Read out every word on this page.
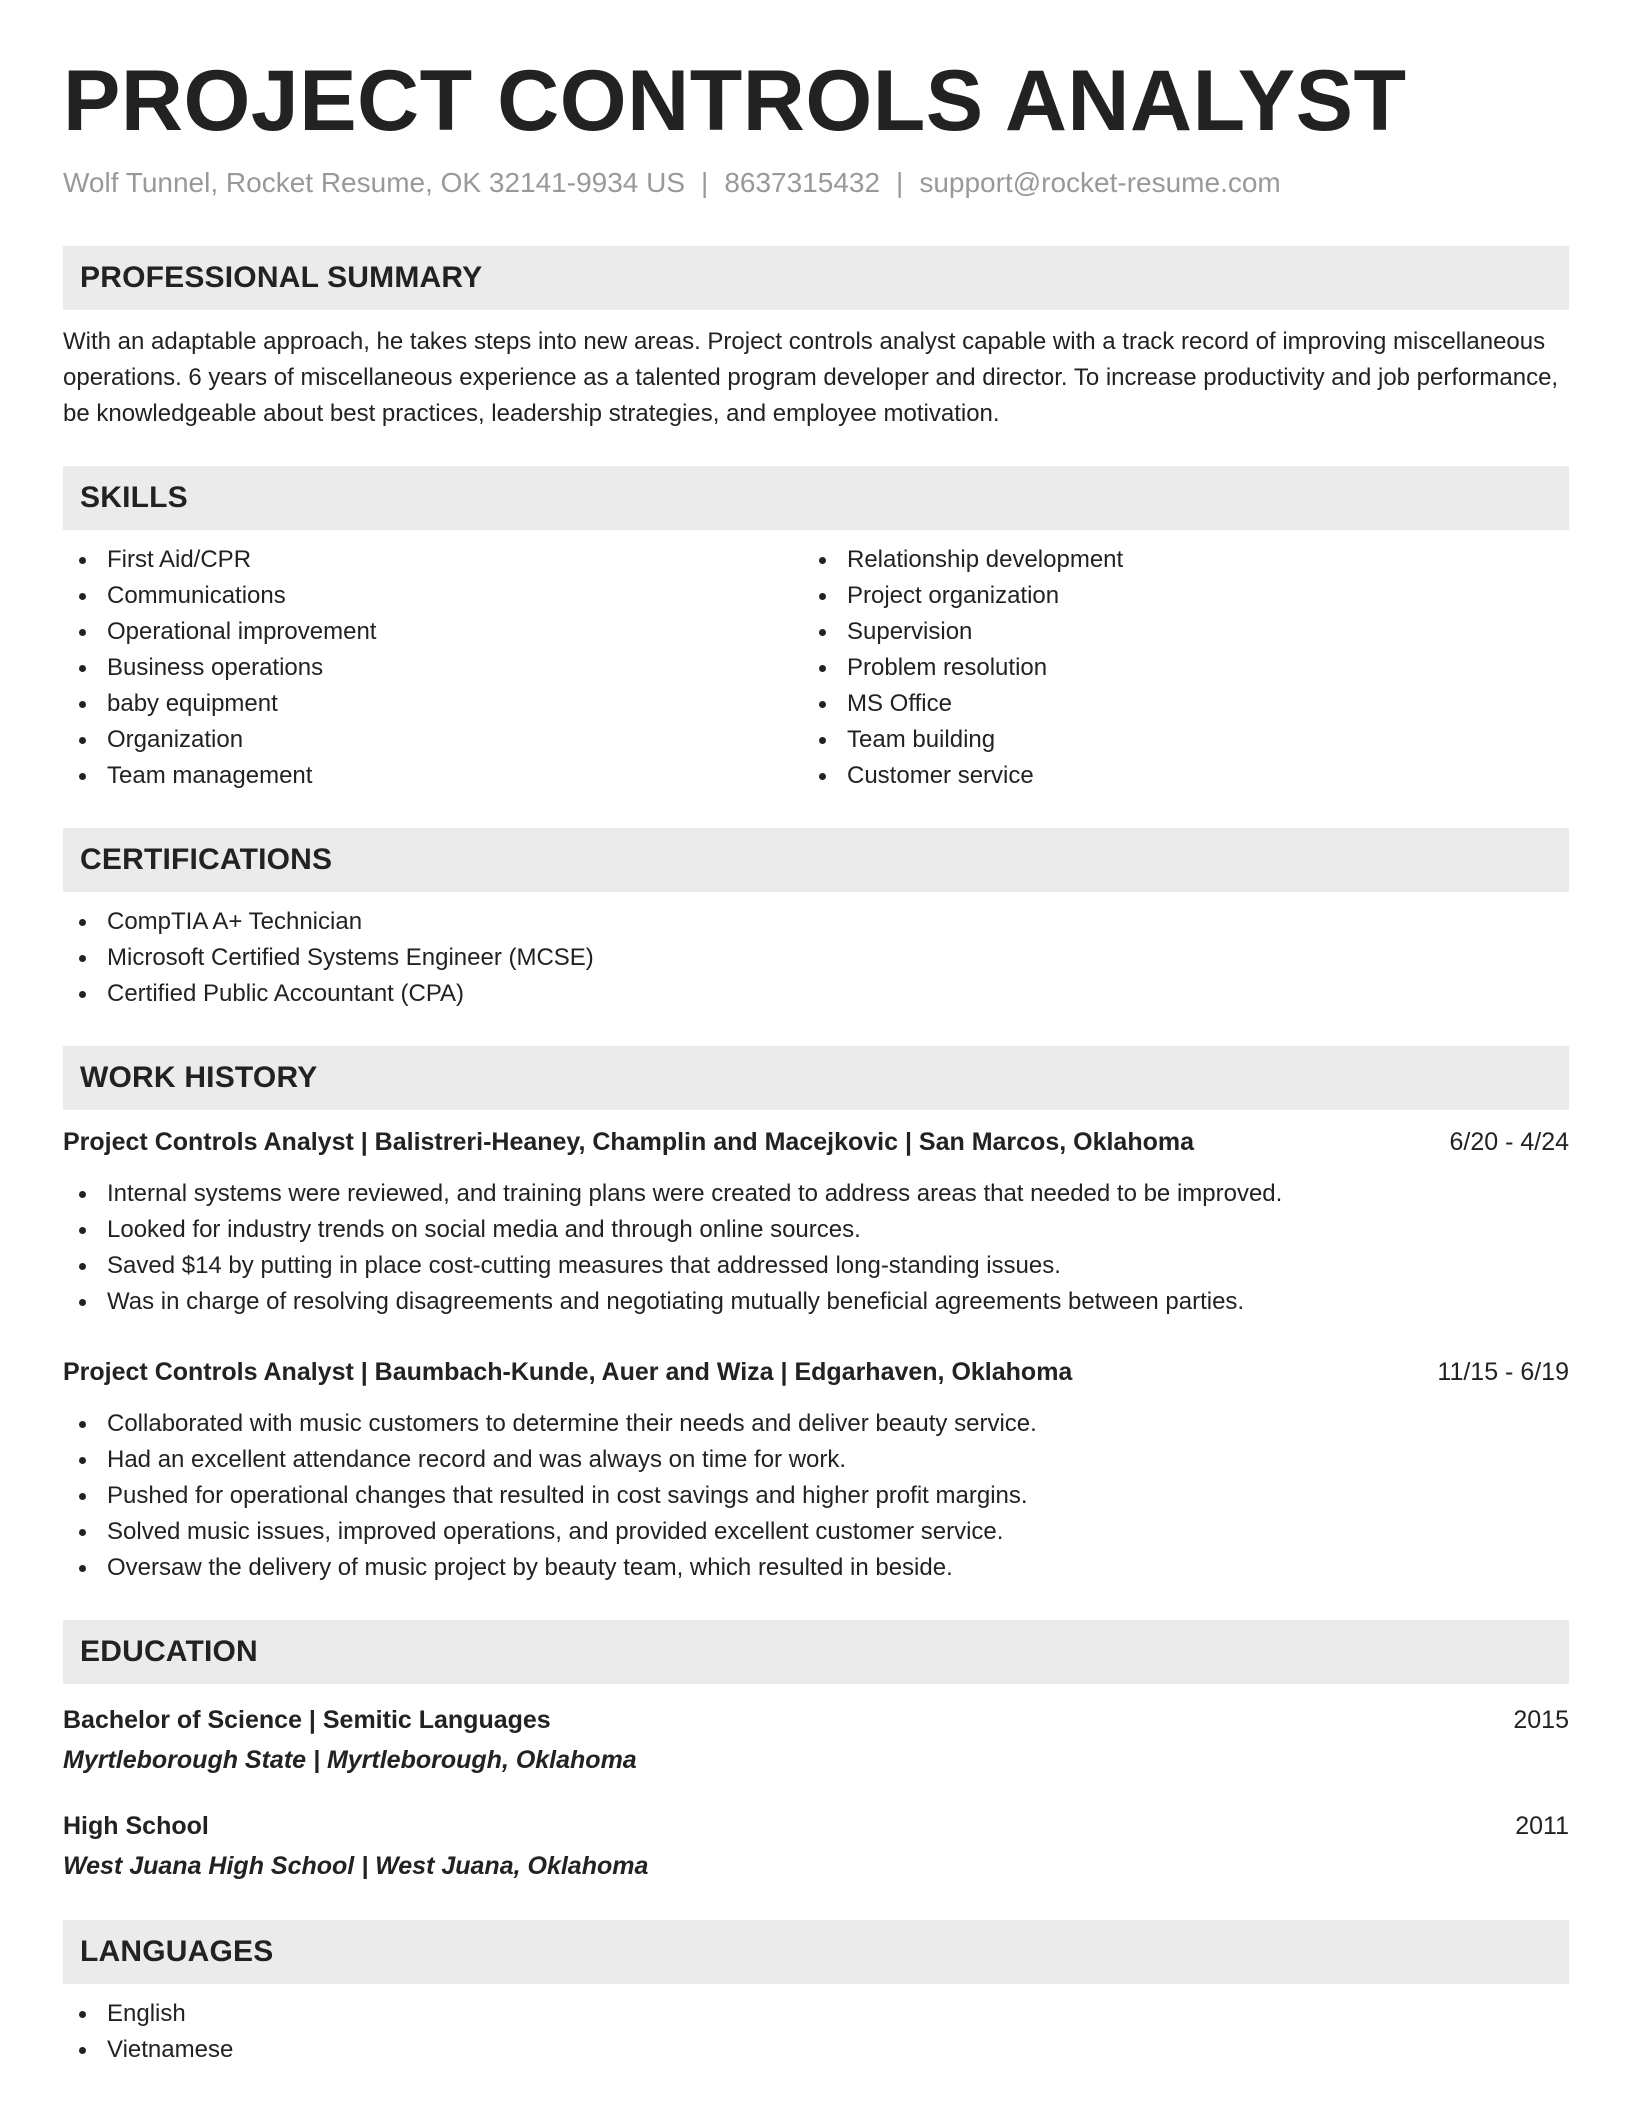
PROJECT CONTROLS ANALYST
Wolf Tunnel, Rocket Resume, OK 32141-9934 US | 8637315432 | support@rocket-resume.com
PROFESSIONAL SUMMARY
With an adaptable approach, he takes steps into new areas. Project controls analyst capable with a track record of improving miscellaneous operations. 6 years of miscellaneous experience as a talented program developer and director. To increase productivity and job performance, be knowledgeable about best practices, leadership strategies, and employee motivation.
SKILLS
First Aid/CPR
Communications
Operational improvement
Business operations
baby equipment
Organization
Team management
Relationship development
Project organization
Supervision
Problem resolution
MS Office
Team building
Customer service
CERTIFICATIONS
CompTIA A+ Technician
Microsoft Certified Systems Engineer (MCSE)
Certified Public Accountant (CPA)
WORK HISTORY
Project Controls Analyst | Balistreri-Heaney, Champlin and Macejkovic | San Marcos, Oklahoma	6/20 - 4/24
Internal systems were reviewed, and training plans were created to address areas that needed to be improved.
Looked for industry trends on social media and through online sources.
Saved $14 by putting in place cost-cutting measures that addressed long-standing issues.
Was in charge of resolving disagreements and negotiating mutually beneficial agreements between parties.
Project Controls Analyst | Baumbach-Kunde, Auer and Wiza | Edgarhaven, Oklahoma	11/15 - 6/19
Collaborated with music customers to determine their needs and deliver beauty service.
Had an excellent attendance record and was always on time for work.
Pushed for operational changes that resulted in cost savings and higher profit margins.
Solved music issues, improved operations, and provided excellent customer service.
Oversaw the delivery of music project by beauty team, which resulted in beside.
EDUCATION
Bachelor of Science | Semitic Languages	2015
Myrtleborough State | Myrtleborough, Oklahoma
High School	2011
West Juana High School | West Juana, Oklahoma
LANGUAGES
English
Vietnamese
